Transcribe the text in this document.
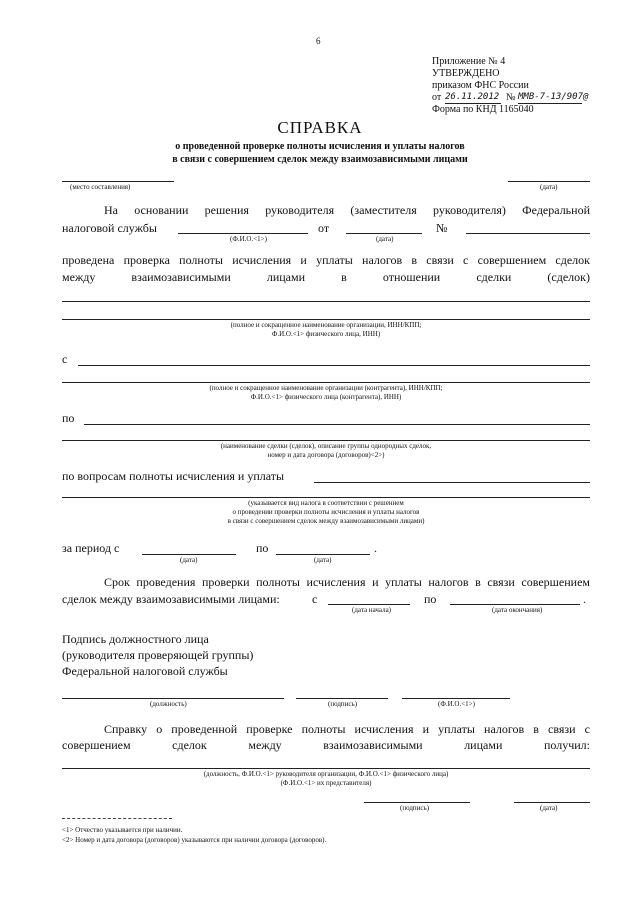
6
Приложение № 4
УТВЕРЖДЕНО
приказом ФНС России
от 26.11.2012 № ММВ-7-13/907@
Форма по КНД 1165040
СПРАВКА
о проведенной проверке полноты исчисления и уплаты налогов
в связи с совершением сделок между взаимозависимыми лицами
(место составления)	(дата)
На основании решения руководителя (заместителя руководителя) Федеральной
налоговой службы	от	№
(Ф.И.О.<1>)	(дата)
проведена проверка полноты исчисления и уплаты налогов в связи с совершением сделок
между взаимозависимыми лицами в отношении сделки (сделок)
(полное и сокращенное наименование организации, ИНН/КПП;
Ф.И.О.<1> физического лица, ИНН)
с
(полное и сокращенное наименование организации (контрагента), ИНН/КПП;
Ф.И.О.<1> физического лица (контрагента), ИНН)
по
(наименование сделки (сделок), описание группы однородных сделок,
номер и дата договора (договоров)<2>)
по вопросам полноты исчисления и уплаты
(указывается вид налога в соответствии с решением
о проведении проверки полноты исчисления и уплаты налогов
в связи с совершением сделок между взаимозависимыми лицами)
за период с
(дата)
по
(дата)
.
Срок проведения проверки полноты исчисления и уплаты налогов в связи совершением
сделок между взаимозависимыми лицами:	с
(дата начала)
по
(дата окончания)
.
Подпись должностного лица
(руководителя проверяющей группы)
Федеральной налоговой службы
(должность)	(подпись)	(Ф.И.О.<1>)
Справку о проведенной проверке полноты исчисления и уплаты налогов в связи с
совершением сделок между взаимозависимыми лицами получил:
(должность, Ф.И.О.<1> руководителя организации, Ф.И.О.<1> физического лица)
(Ф.И.О.<1> их представителя)
(подпись)	(дата)
<1> Отчество указывается при наличии.
<2> Номер и дата договора (договоров) указываются при наличии договора (договоров).
